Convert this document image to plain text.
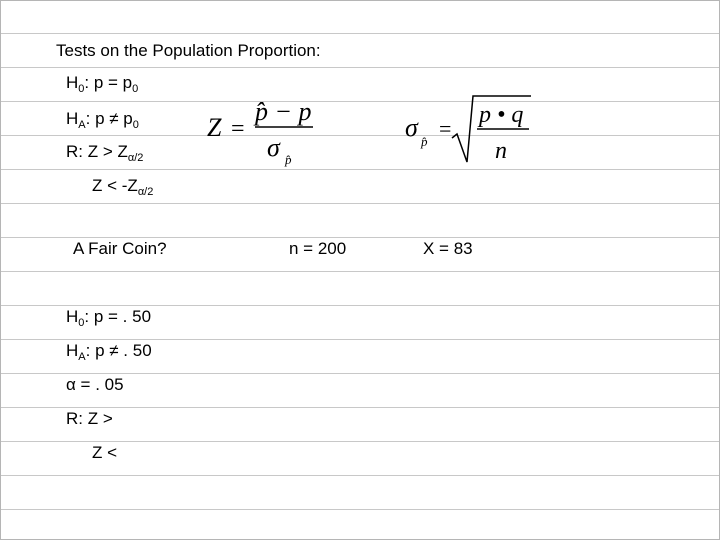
Tests on the Population Proportion:
$H_0$: $p = p_0$
$H_A$: $p \ne p_0$
R: $Z > Z_{\alpha/2}$
$Z < -Z_{\alpha/2}$
Z =
p̂ − p
σ p̂
σ p̂
=
p • q
n
A Fair Coin?	n = 200	X = 83
$H_0$: p = . 50
$H_A$: p ≠ . 50
α = . 05
R: Z >
Z <
